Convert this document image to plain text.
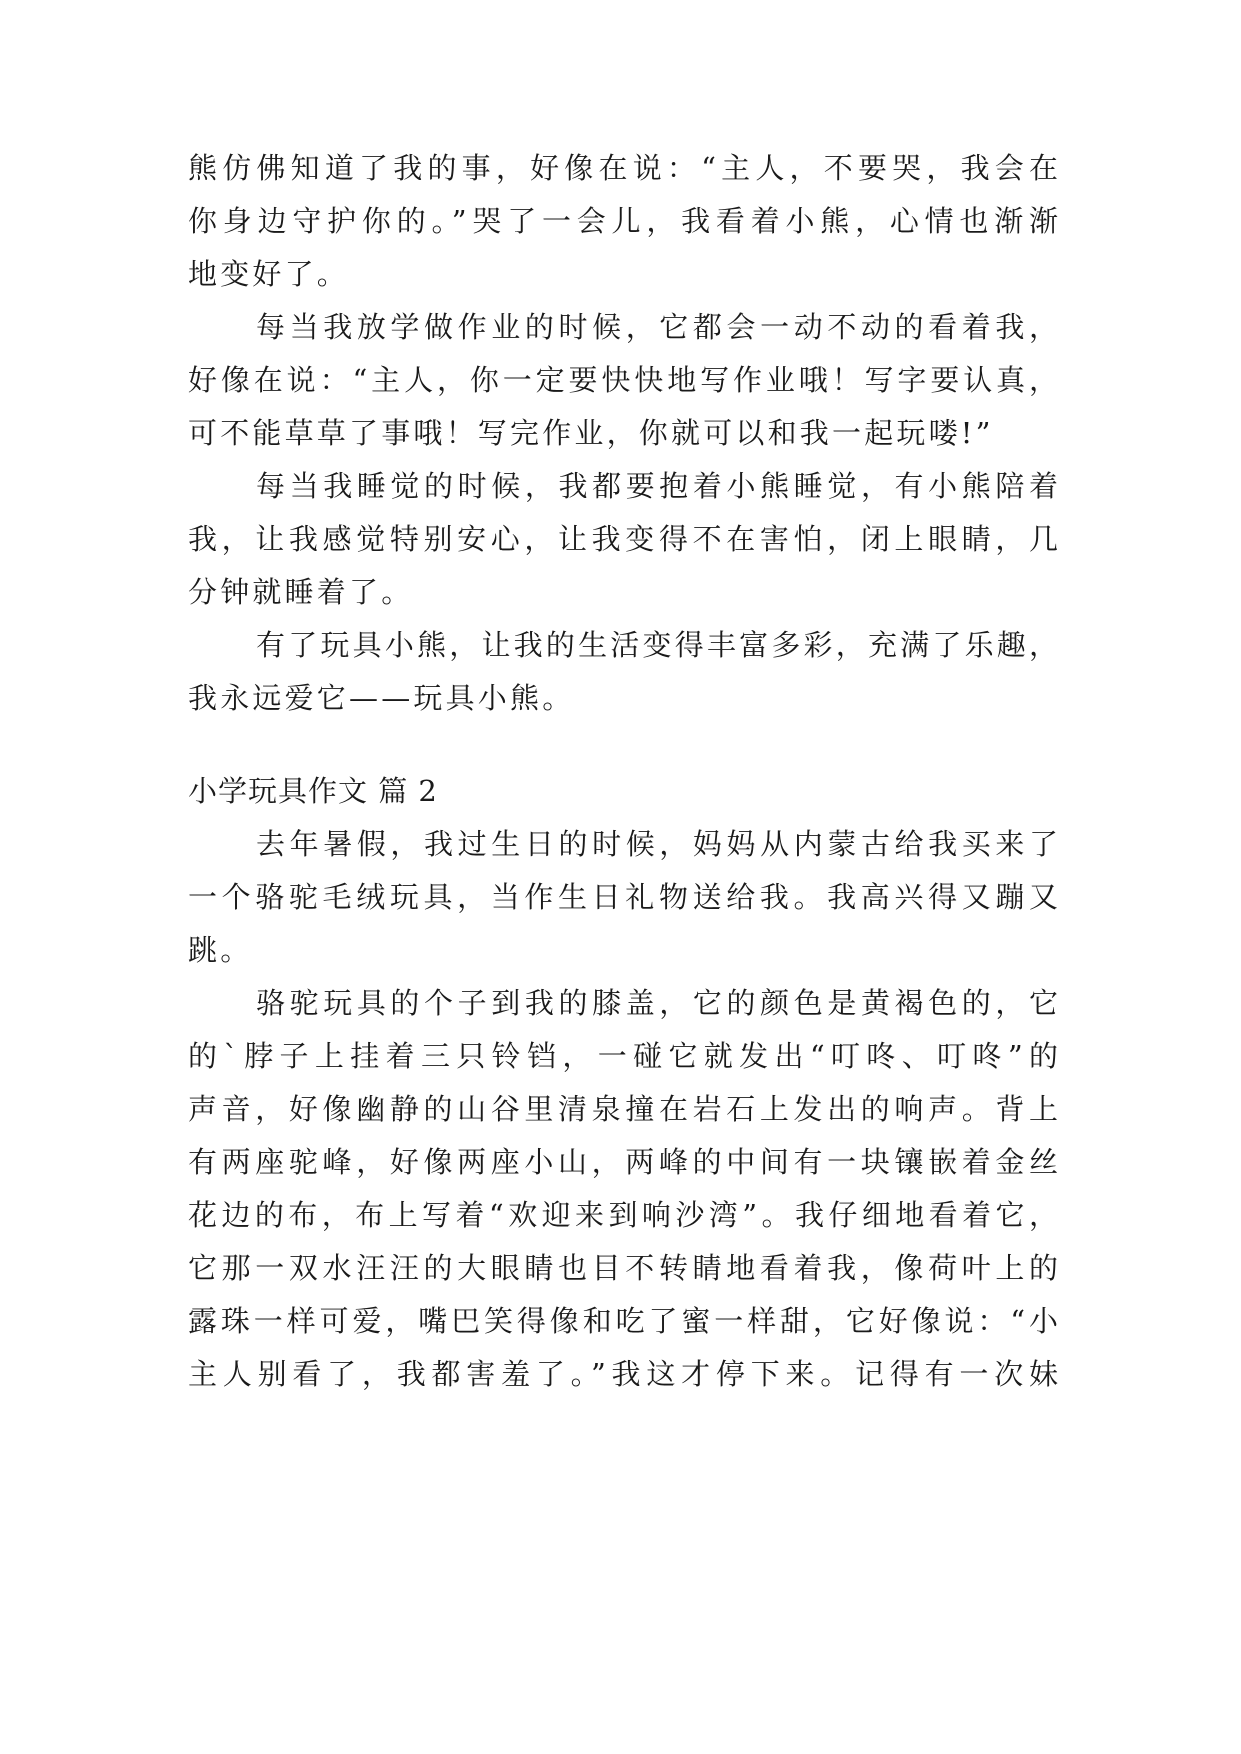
熊仿佛知道了我的事，好像在说：“主人，不要哭，我会在
你身边守护你的。”哭了一会儿，我看着小熊，心情也渐渐
地变好了。
每当我放学做作业的时候，它都会一动不动的看着我，
好像在说：“主人，你一定要快快地写作业哦！写字要认真，
可不能草草了事哦！写完作业，你就可以和我一起玩喽!”
每当我睡觉的时候，我都要抱着小熊睡觉，有小熊陪着
我，让我感觉特别安心，让我变得不在害怕，闭上眼睛，几
分钟就睡着了。
有了玩具小熊，让我的生活变得丰富多彩，充满了乐趣，
我永远爱它——玩具小熊。
小学玩具作文 篇 2
去年暑假，我过生日的时候，妈妈从内蒙古给我买来了
一个骆驼毛绒玩具，当作生日礼物送给我。我高兴得又蹦又
跳。
骆驼玩具的个子到我的膝盖，它的颜色是黄褐色的，它
的`脖子上挂着三只铃铛，一碰它就发出“叮咚、叮咚”的
声音，好像幽静的山谷里清泉撞在岩石上发出的响声。背上
有两座驼峰，好像两座小山，两峰的中间有一块镶嵌着金丝
花边的布，布上写着“欢迎来到响沙湾”。我仔细地看着它，
它那一双水汪汪的大眼睛也目不转睛地看着我，像荷叶上的
露珠一样可爱，嘴巴笑得像和吃了蜜一样甜，它好像说：“小
主人别看了，我都害羞了。”我这才停下来。记得有一次妹
